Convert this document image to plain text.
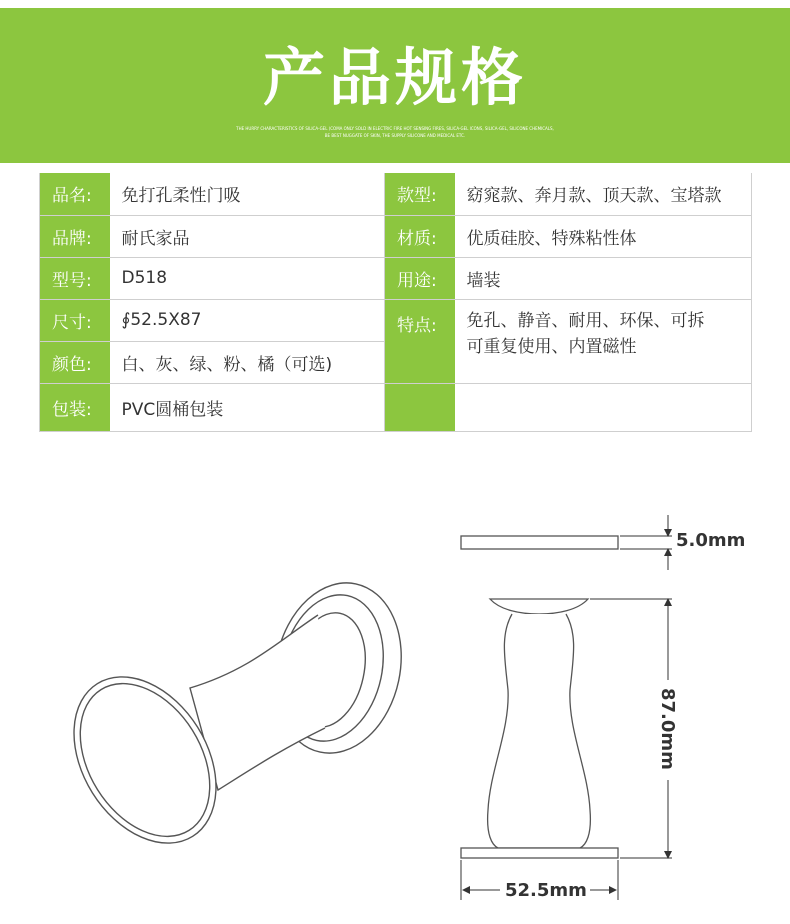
产品规格
THE HURRY CHARACTERISTICS OF SILICA-GEL (COMA ONLY SOLD IN ELECTRIC FIRE HOT SENSING FIRES, SILICA-GEL ICONS, SILICA-GEL, SILICONE CHEMICALS,
BE BEST NUGGATE OF SKIN, THE SUPPLY SILICONE AND MEDICAL ETC.
品名:	免打孔柔性门吸	款型:	窈窕款、奔月款、顶天款、宝塔款
品牌:	耐氏家品	材质:	优质硅胶、特殊粘性体
型号:	D518	用途:	墙装
尺寸:	∮52.5X87	特点:	免孔、静音、耐用、环保、可拆
可重复使用、内置磁性

颜色:	白、灰、绿、粉、橘（可选)		
包装:	PVC圆桶包装		
5.0mm
87.0mm
52.5mm
